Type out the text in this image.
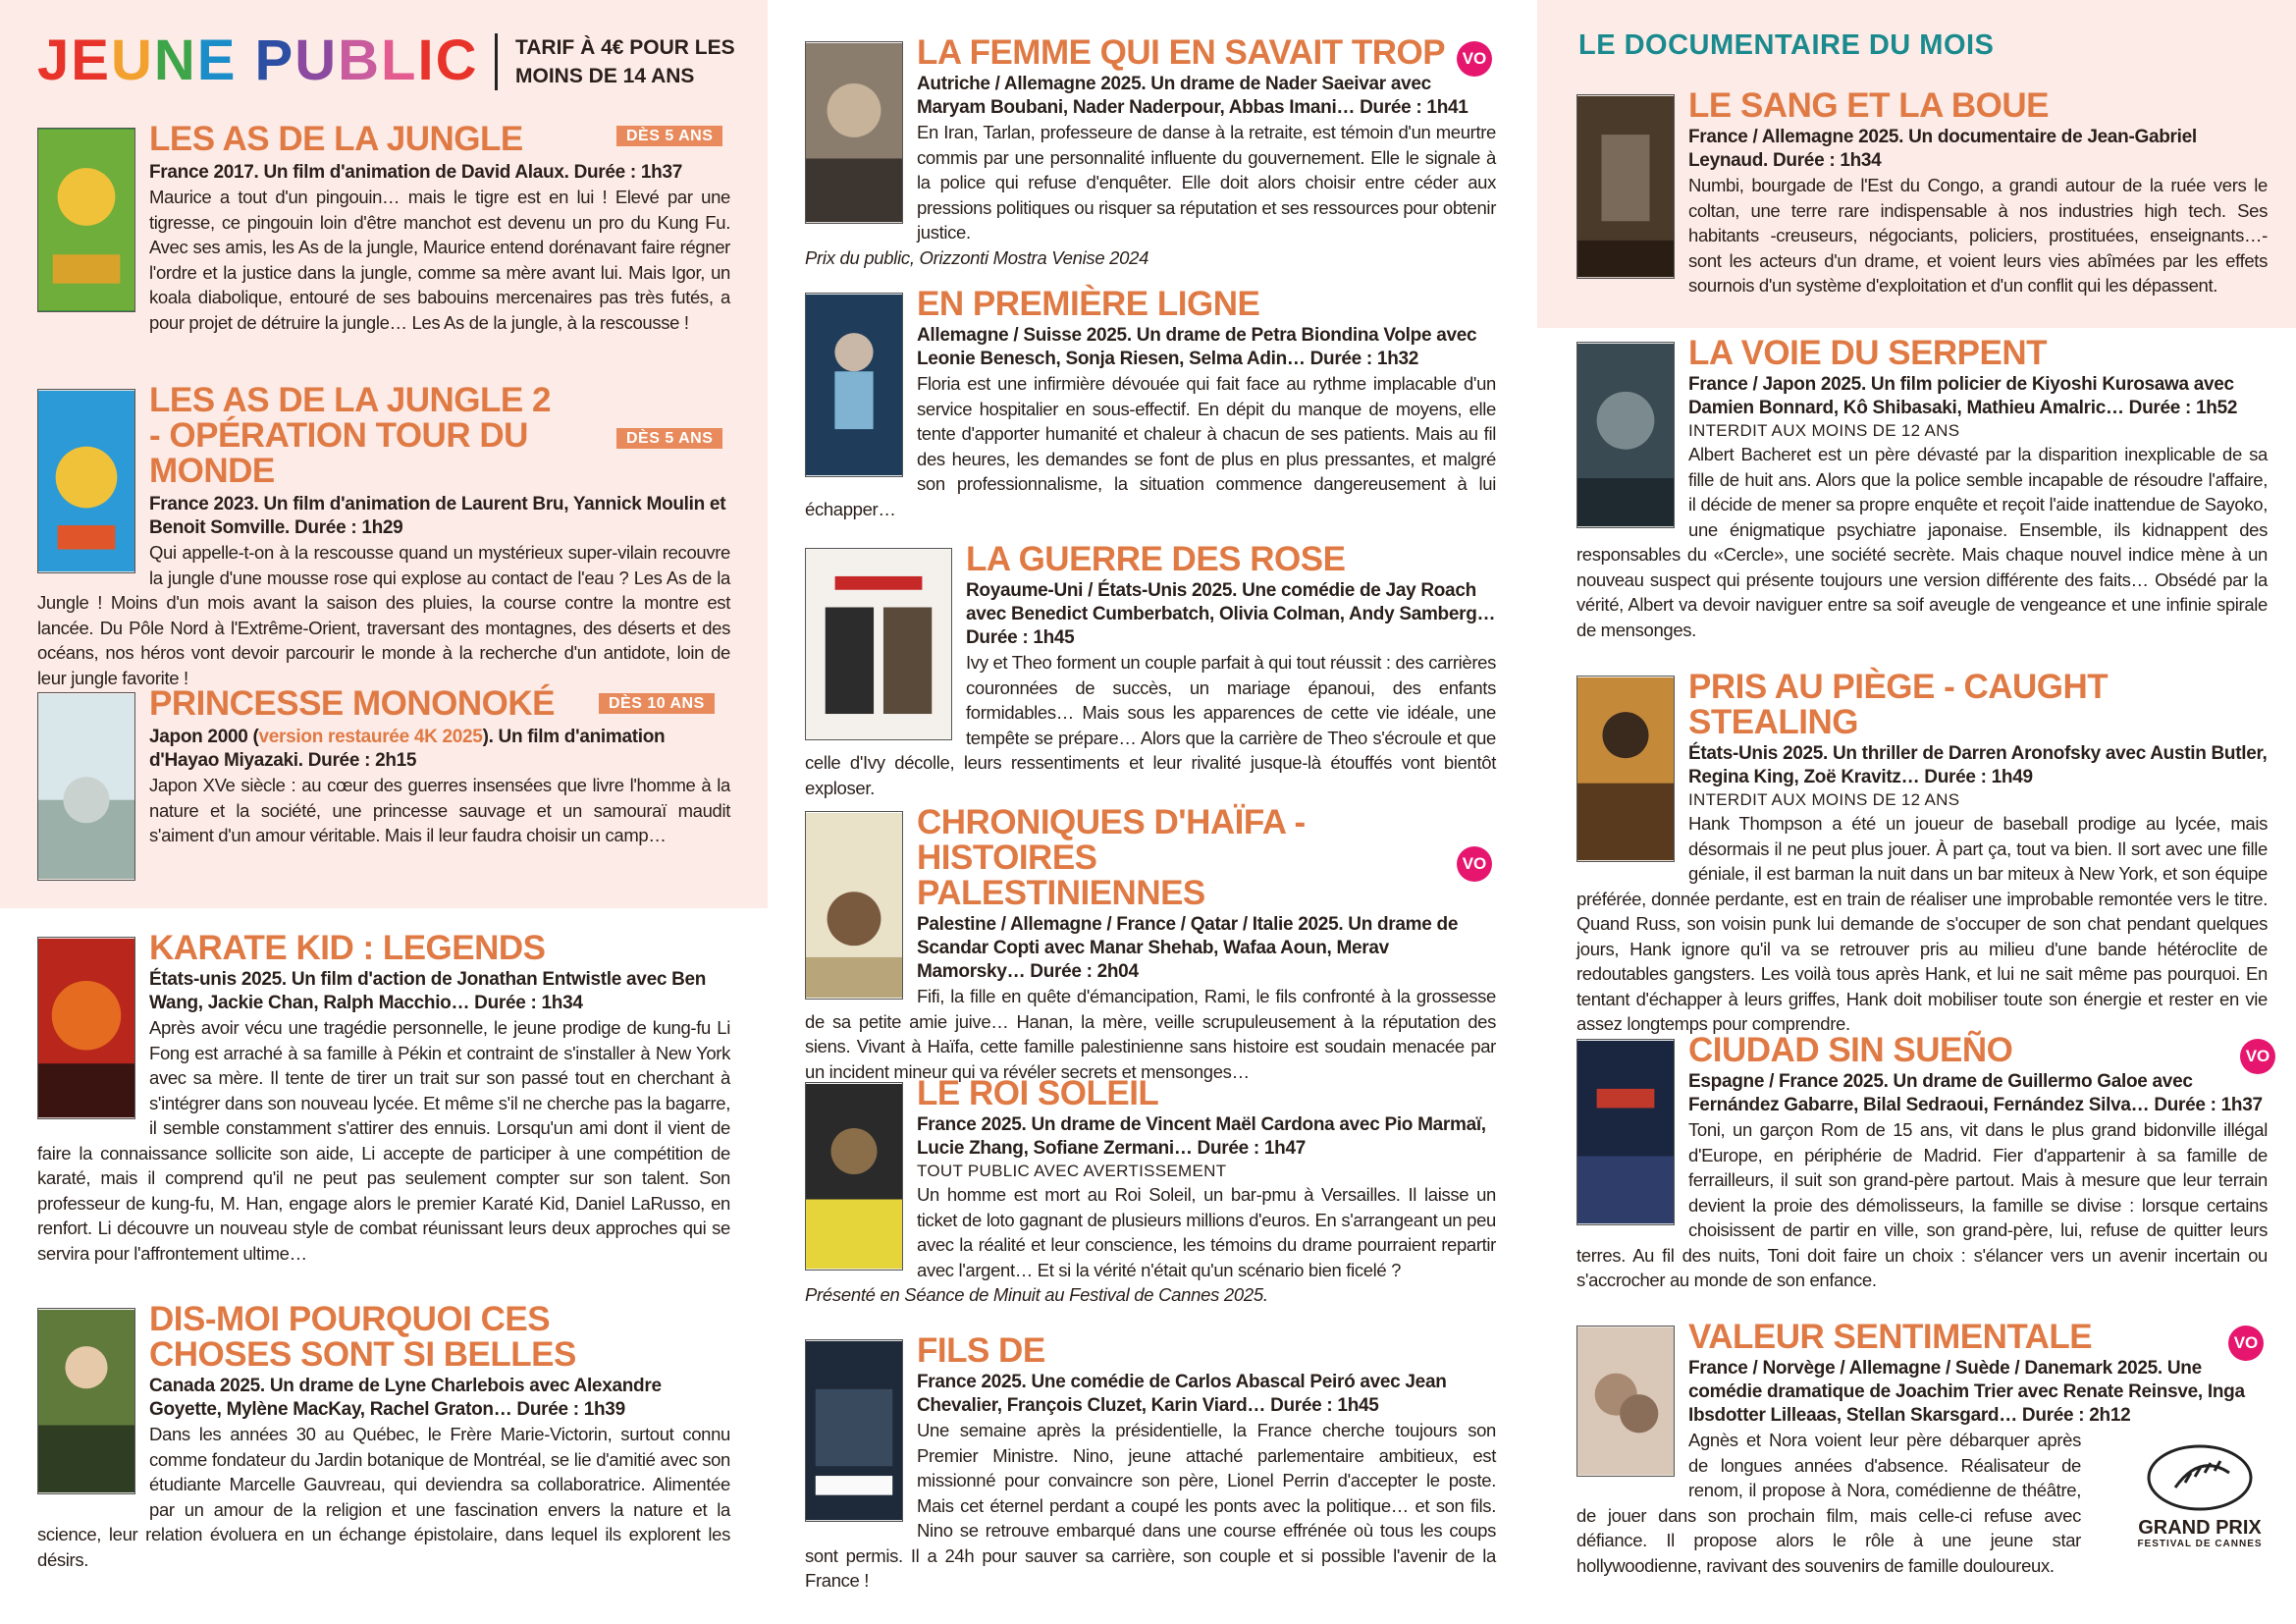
JEUNE PUBLIC	TARIF À 4€ POUR LES MOINS DE 14 ANS
LE DOCUMENTAIRE DU MOIS
LES AS DE LA JUNGLE
France 2017. Un film d'animation de David Alaux. Durée : 1h37
Maurice a tout d'un pingouin… mais le tigre est en lui ! Elevé par une tigresse, ce pingouin loin d'être manchot est devenu un pro du Kung Fu. Avec ses amis, les As de la jungle, Maurice entend dorénavant faire régner l'ordre et la justice dans la jungle, comme sa mère avant lui. Mais Igor, un koala diabolique, entouré de ses babouins mercenaires pas très futés, a pour projet de détruire la jungle… Les As de la jungle, à la rescousse !
DÈS 5 ANS
LES AS DE LA JUNGLE 2 - OPÉRATION TOUR DU MONDE
France 2023. Un film d'animation de Laurent Bru, Yannick Moulin et Benoit Somville. Durée : 1h29
Qui appelle-t-on à la rescousse quand un mystérieux super-vilain recouvre la jungle d'une mousse rose qui explose au contact de l'eau ? Les As de la Jungle ! Moins d'un mois avant la saison des pluies, la course contre la montre est lancée. Du Pôle Nord à l'Extrême-Orient, traversant des montagnes, des déserts et des océans, nos héros vont devoir parcourir le monde à la recherche d'un antidote, loin de leur jungle favorite !
DÈS 5 ANS
PRINCESSE MONONOKÉ
Japon 2000 (version restaurée 4K 2025). Un film d'animation d'Hayao Miyazaki. Durée : 2h15
Japon XVe siècle : au cœur des guerres insensées que livre l'homme à la nature et la société, une princesse sauvage et un samouraï maudit s'aiment d'un amour véritable. Mais il leur faudra choisir un camp…
DÈS 10 ANS
KARATE KID : LEGENDS
États-unis 2025. Un film d'action de Jonathan Entwistle avec Ben Wang, Jackie Chan, Ralph Macchio… Durée : 1h34
Après avoir vécu une tragédie personnelle, le jeune prodige de kung-fu Li Fong est arraché à sa famille à Pékin et contraint de s'installer à New York avec sa mère. Il tente de tirer un trait sur son passé tout en cherchant à s'intégrer dans son nouveau lycée. Et même s'il ne cherche pas la bagarre, il semble constamment s'attirer des ennuis. Lorsqu'un ami dont il vient de faire la connaissance sollicite son aide, Li accepte de participer à une compétition de karaté, mais il comprend qu'il ne peut pas seulement compter sur son talent. Son professeur de kung-fu, M. Han, engage alors le premier Karaté Kid, Daniel LaRusso, en renfort. Li découvre un nouveau style de combat réunissant leurs deux approches qui se servira pour l'affrontement ultime…
DIS-MOI POURQUOI CES CHOSES SONT SI BELLES
Canada 2025. Un drame de Lyne Charlebois avec Alexandre Goyette, Mylène MacKay, Rachel Graton… Durée : 1h39
Dans les années 30 au Québec, le Frère Marie-Victorin, surtout connu comme fondateur du Jardin botanique de Montréal, se lie d'amitié avec son étudiante Marcelle Gauvreau, qui deviendra sa collaboratrice. Alimentée par un amour de la religion et une fascination envers la nature et la science, leur relation évoluera en un échange épistolaire, dans lequel ils explorent les désirs.
LA FEMME QUI EN SAVAIT TROP
Autriche / Allemagne 2025. Un drame de Nader Saeivar avec Maryam Boubani, Nader Naderpour, Abbas Imani… Durée : 1h41
En Iran, Tarlan, professeure de danse à la retraite, est témoin d'un meurtre commis par une personnalité influente du gouvernement. Elle le signale à la police qui refuse d'enquêter. Elle doit alors choisir entre céder aux pressions politiques ou risquer sa réputation et ses ressources pour obtenir justice.
Prix du public, Orizzonti Mostra Venise 2024
VO
EN PREMIÈRE LIGNE
Allemagne / Suisse 2025. Un drame de Petra Biondina Volpe avec Leonie Benesch, Sonja Riesen, Selma Adin… Durée : 1h32
Floria est une infirmière dévouée qui fait face au rythme implacable d'un service hospitalier en sous-effectif. En dépit du manque de moyens, elle tente d'apporter humanité et chaleur à chacun de ses patients. Mais au fil des heures, les demandes se font de plus en plus pressantes, et malgré son professionnalisme, la situation commence dangereusement à lui échapper…
LA GUERRE DES ROSE
Royaume-Uni / États-Unis 2025. Une comédie de Jay Roach avec Benedict Cumberbatch, Olivia Colman, Andy Samberg… Durée : 1h45
Ivy et Theo forment un couple parfait à qui tout réussit : des carrières couronnées de succès, un mariage épanoui, des enfants formidables… Mais sous les apparences de cette vie idéale, une tempête se prépare… Alors que la carrière de Theo s'écroule et que celle d'Ivy décolle, leurs ressentiments et leur rivalité jusque-là étouffés vont bientôt exploser.
CHRONIQUES D'HAÏFA - HISTOIRES PALESTINIENNES
Palestine / Allemagne / France / Qatar / Italie 2025. Un drame de Scandar Copti avec Manar Shehab, Wafaa Aoun, Merav Mamorsky… Durée : 2h04
Fifi, la fille en quête d'émancipation, Rami, le fils confronté à la grossesse de sa petite amie juive… Hanan, la mère, veille scrupuleusement à la réputation des siens. Vivant à Haïfa, cette famille palestinienne sans histoire est soudain menacée par un incident mineur qui va révéler secrets et mensonges…
VO
LE ROI SOLEIL
France 2025. Un drame de Vincent Maël Cardona avec Pio Marmaï, Lucie Zhang, Sofiane Zermani… Durée : 1h47
TOUT PUBLIC AVEC AVERTISSEMENT
Un homme est mort au Roi Soleil, un bar-pmu à Versailles. Il laisse un ticket de loto gagnant de plusieurs millions d'euros. En s'arrangeant un peu avec la réalité et leur conscience, les témoins du drame pourraient repartir avec l'argent… Et si la vérité n'était qu'un scénario bien ficelé ?
Présenté en Séance de Minuit au Festival de Cannes 2025.
FILS DE
France 2025. Une comédie de Carlos Abascal Peiró avec Jean Chevalier, François Cluzet, Karin Viard… Durée : 1h45
Une semaine après la présidentielle, la France cherche toujours son Premier Ministre. Nino, jeune attaché parlementaire ambitieux, est missionné pour convaincre son père, Lionel Perrin d'accepter le poste. Mais cet éternel perdant a coupé les ponts avec la politique… et son fils. Nino se retrouve embarqué dans une course effrénée où tous les coups sont permis. Il a 24h pour sauver sa carrière, son couple et si possible l'avenir de la France !
LE SANG ET LA BOUE
France / Allemagne 2025. Un documentaire de Jean-Gabriel Leynaud. Durée : 1h34
Numbi, bourgade de l'Est du Congo, a grandi autour de la ruée vers le coltan, une terre rare indispensable à nos industries high tech. Ses habitants -creuseurs, négociants, policiers, prostituées, enseignants…- sont les acteurs d'un drame, et voient leurs vies abîmées par les effets sournois d'un système d'exploitation et d'un conflit qui les dépassent.
LA VOIE DU SERPENT
France / Japon 2025. Un film policier de Kiyoshi Kurosawa avec Damien Bonnard, Kô Shibasaki, Mathieu Amalric… Durée : 1h52
INTERDIT AUX MOINS DE 12 ANS
Albert Bacheret est un père dévasté par la disparition inexplicable de sa fille de huit ans. Alors que la police semble incapable de résoudre l'affaire, il décide de mener sa propre enquête et reçoit l'aide inattendue de Sayoko, une énigmatique psychiatre japonaise. Ensemble, ils kidnappent des responsables du «Cercle», une société secrète. Mais chaque nouvel indice mène à un nouveau suspect qui présente toujours une version différente des faits… Obsédé par la vérité, Albert va devoir naviguer entre sa soif aveugle de vengeance et une infinie spirale de mensonges.
PRIS AU PIÈGE - CAUGHT STEALING
États-Unis 2025. Un thriller de Darren Aronofsky avec Austin Butler, Regina King, Zoë Kravitz… Durée : 1h49
INTERDIT AUX MOINS DE 12 ANS
Hank Thompson a été un joueur de baseball prodige au lycée, mais désormais il ne peut plus jouer. À part ça, tout va bien. Il sort avec une fille géniale, il est barman la nuit dans un bar miteux à New York, et son équipe préférée, donnée perdante, est en train de réaliser une improbable remontée vers le titre. Quand Russ, son voisin punk lui demande de s'occuper de son chat pendant quelques jours, Hank ignore qu'il va se retrouver pris au milieu d'une bande hétéroclite de redoutables gangsters. Les voilà tous après Hank, et lui ne sait même pas pourquoi. En tentant d'échapper à leurs griffes, Hank doit mobiliser toute son énergie et rester en vie assez longtemps pour comprendre.
CIUDAD SIN SUEÑO
Espagne / France 2025. Un drame de Guillermo Galoe avec Fernández Gabarre, Bilal Sedraoui, Fernández Silva… Durée : 1h37
Toni, un garçon Rom de 15 ans, vit dans le plus grand bidonville illégal d'Europe, en périphérie de Madrid. Fier d'appartenir à sa famille de ferrailleurs, il suit son grand-père partout. Mais à mesure que leur terrain devient la proie des démolisseurs, la famille se divise : lorsque certains choisissent de partir en ville, son grand-père, lui, refuse de quitter leurs terres. Au fil des nuits, Toni doit faire un choix : s'élancer vers un avenir incertain ou s'accrocher au monde de son enfance.
VO
VALEUR SENTIMENTALE
France / Norvège / Allemagne / Suède / Danemark 2025. Une comédie dramatique de Joachim Trier avec Renate Reinsve, Inga Ibsdotter Lilleaas, Stellan Skarsgard… Durée : 2h12
Agnès et Nora voient leur père débarquer après de longues années d'absence. Réalisateur de renom, il propose à Nora, comédienne de théâtre, de jouer dans son prochain film, mais celle-ci refuse avec défiance. Il propose alors le rôle à une jeune star hollywoodienne, ravivant des souvenirs de famille douloureux.
VO
GRAND PRIX
FESTIVAL DE CANNES
